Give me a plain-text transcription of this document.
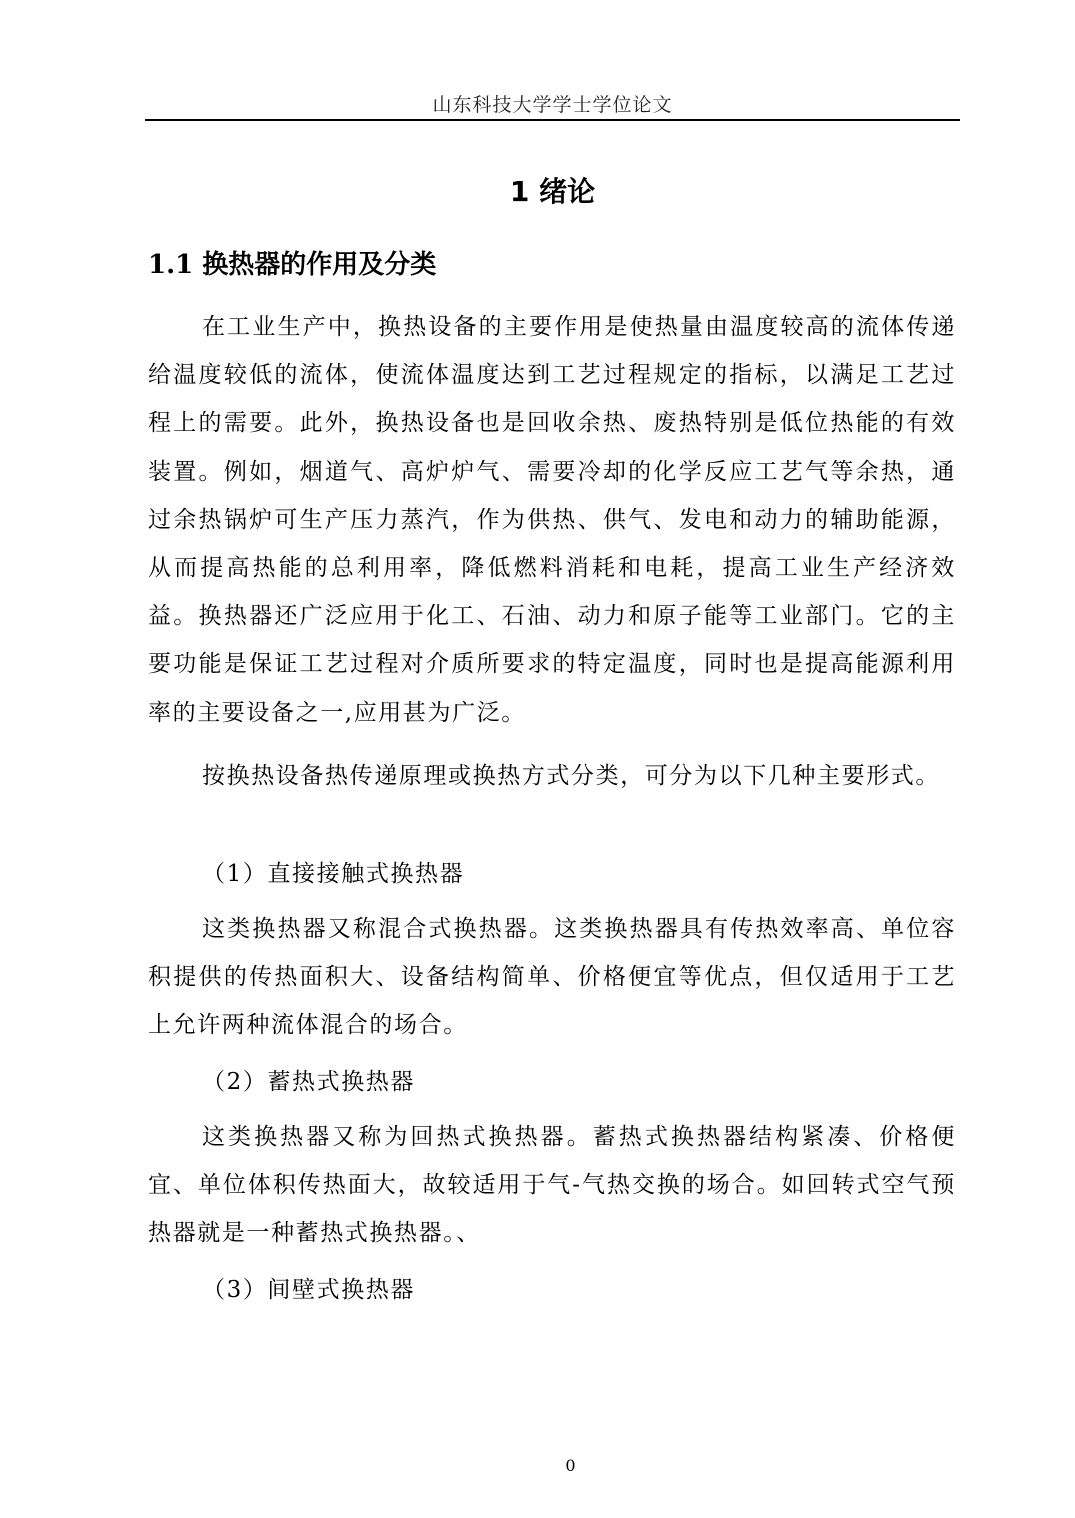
山东科技大学学士学位论文
1 绪论
1.1 换热器的作用及分类

在工业生产中，换热设备的主要作用是使热量由温度较高的流体传递给温度较低的流体，使流体温度达到工艺过程规定的指标，以满足工艺过程上的需要。此外，换热设备也是回收余热、废热特别是低位热能的有效装置。例如，烟道气、高炉炉气、需要冷却的化学反应工艺气等余热，通过余热锅炉可生产压力蒸汽，作为供热、供气、发电和动力的辅助能源，从而提高热能的总利用率，降低燃料消耗和电耗，提高工业生产经济效益。换热器还广泛应用于化工、石油、动力和原子能等工业部门。它的主要功能是保证工艺过程对介质所要求的特定温度，同时也是提高能源利用率的主要设备之一,应用甚为广泛。

按换热设备热传递原理或换热方式分类，可分为以下几种主要形式。

（1）直接接触式换热器

这类换热器又称混合式换热器。这类换热器具有传热效率高、单位容积提供的传热面积大、设备结构简单、价格便宜等优点，但仅适用于工艺上允许两种流体混合的场合。

（2）蓄热式换热器

这类换热器又称为回热式换热器。蓄热式换热器结构紧凑、价格便宜、单位体积传热面大，故较适用于气-气热交换的场合。如回转式空气预热器就是一种蓄热式换热器。、

（3）间壁式换热器

0
